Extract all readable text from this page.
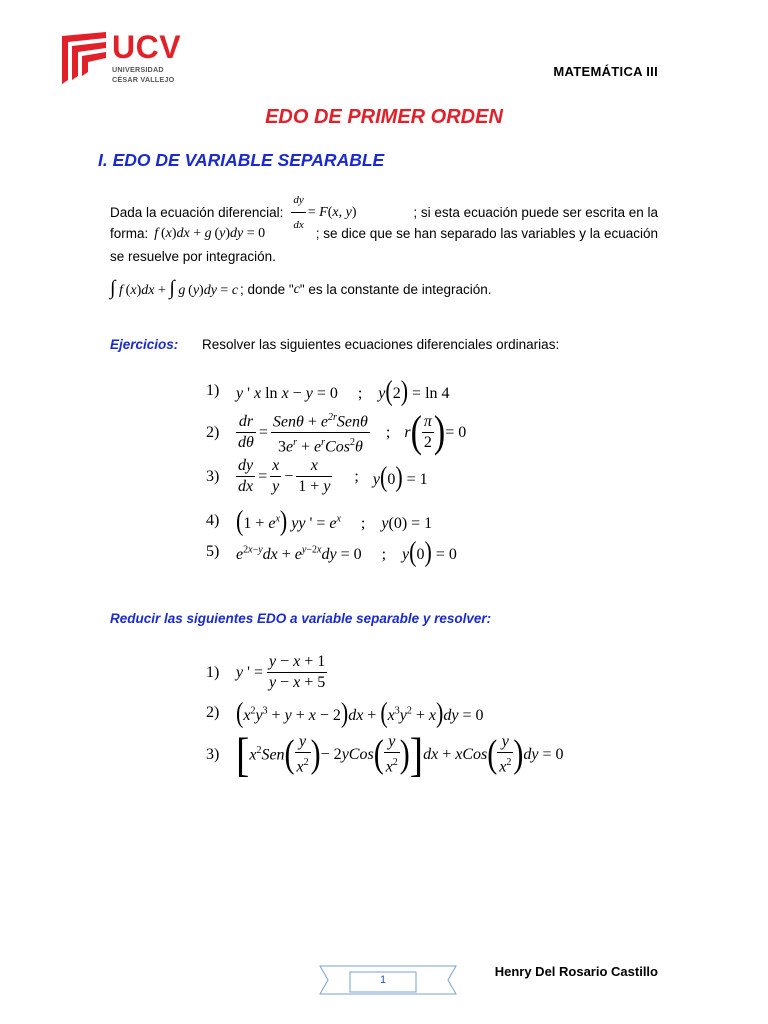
UCV
UNIVERSIDAD
CÉSAR VALLEJO
MATEMÁTICA III
EDO DE PRIMER ORDEN
I. EDO DE VARIABLE SEPARABLE
Dada la ecuación diferencial: $\frac{dy}{dx} = F(x$, y)	; si esta ecuación puede ser escrita en la
forma: f (x)dx + g (y)dy = 0	; se dice que se han separado las variables y la ecuación
se resuelve por integración.
∫ f (x)dx + ∫ g (y)dy = c ; donde " c " es la constante de integración.
Ejercicios: Resolver las siguientes ecuaciones diferenciales ordinarias:
1)	y ' x ln x − y = 0     ;    y(2) = ln 4
2)	$\frac{dr}{d\theta} = \frac{Sen\theta + e^{2r}Sen\theta}{3e^r + e^rCos^2\theta}$ ; r ( $\frac{\pi}{2}$ ) = 0
3)	$\frac{dy}{dx} = \frac{x}{y} - \frac{x}{1 + y}$ ; y(0) = 1
4) $(1 + e^x)$ yy ' = $e^x$     ;    y(0) = 1
5)	$e^{2x-y}dx + e^{y-2x}dy = 0$     ;    y(0) = 0
Reducir las siguientes EDO a variable separable y resolver:
1)	y ' = $\frac{y - x + 1}{y - x + 5}$
2) $(x^2y^3 + y + x - 2)dx + (x^3y^2 + x)dy = 0$
3) [ $x^2Sen$ ( $\frac{y}{x^2}$ ) − 2yCos ( $\frac{y}{x^2}$ ) ] dx + xCos ( $\frac{y}{x^2}$ ) dy = 0
1
Henry Del Rosario Castillo
